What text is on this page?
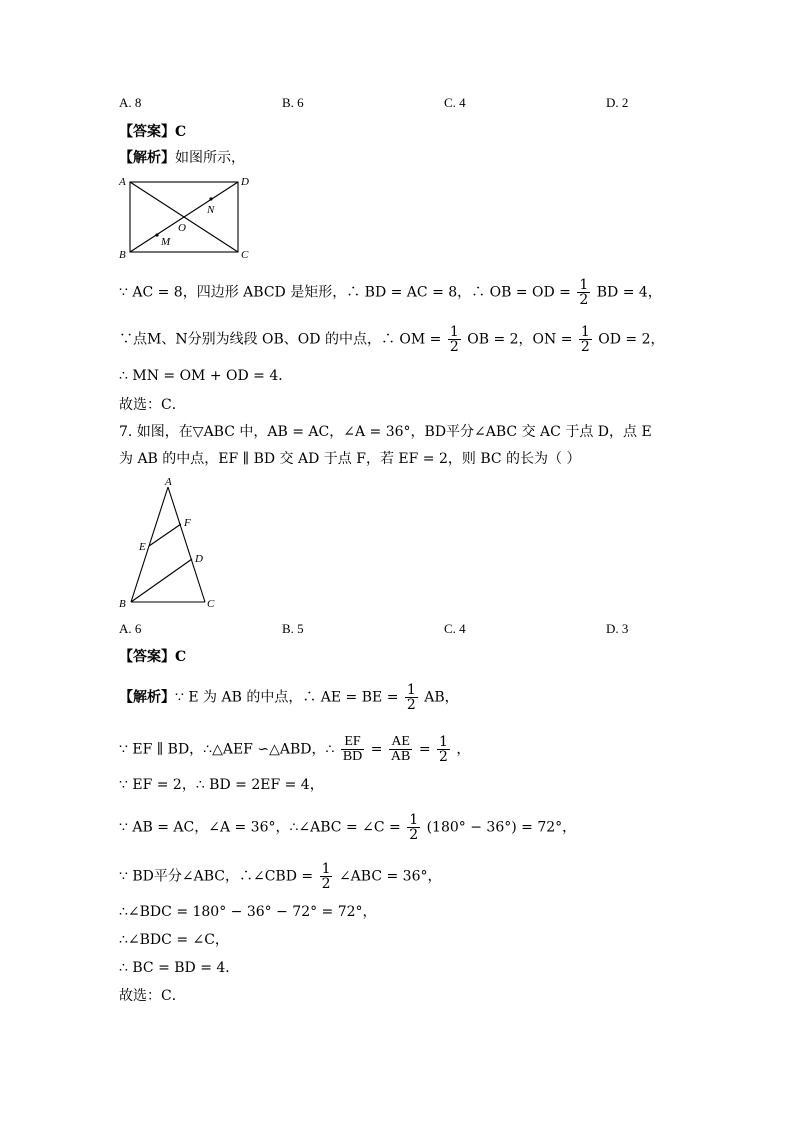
A. 8	B. 6	C. 4	D. 2
【答案】C
【解析】如图所示，
A	D
B	C
O
N
M
∵ AC = 8，四边形 ABCD 是矩形，∴ BD = AC = 8，∴ OB = OD = $\frac{1}{2}$ BD = 4，
∵点M、N分别为线段 OB、OD 的中点，∴ OM = $\frac{1}{2}$ OB = 2，ON = $\frac{1}{2}$ OD = 2，
∴ MN = OM + OD = 4．
故选：C．
7. 如图，在▽ABC 中，AB = AC，∠A = 36°，BD平分∠ABC 交 AC 于点 D，点 E
为 AB 的中点，EF ∥ BD 交 AD 于点 F，若 EF = 2，则 BC 的长为（ ）
A
F
E
D
B	C
A. 6	B. 5	C. 4	D. 3
【答案】C
【解析】∵ E 为 AB 的中点，∴ AE = BE = $\frac{1}{2}$ AB，
∵ EF ∥ BD，∴△AEF ∽△ABD，∴ $\frac{EF}{BD} = \frac{AE}{AB} = \frac{1}{2}$ ，
∵ EF = 2，∴ BD = 2EF = 4，
∵ AB = AC，∠A = 36°，∴∠ABC = ∠C = $\frac{1}{2} (180^\circ - 36^\circ) = 72^\circ$，
∵ BD平分∠ABC，∴∠CBD = $\frac{1}{2}$ ∠ABC = 36°，
∴∠BDC = 180° − 36° − 72° = 72°，
∴∠BDC = ∠C，
∴ BC = BD = 4．
故选：C．
